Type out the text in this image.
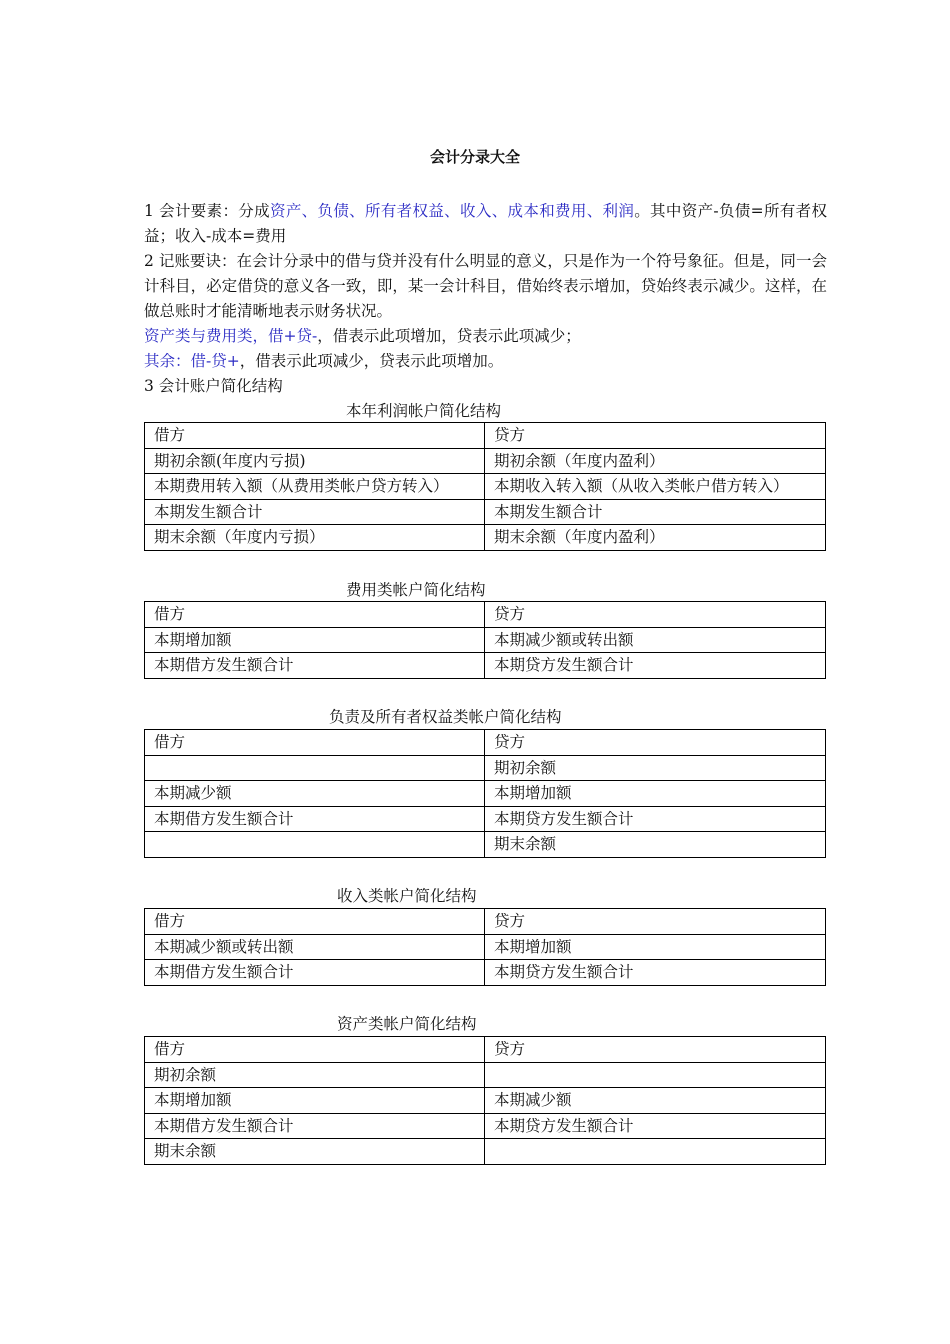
会计分录大全

1 会计要素：分成资产、负债、所有者权益、收入、成本和费用、利润。其中资产-负债=所有者权益；收入-成本=费用

2 记账要诀：在会计分录中的借与贷并没有什么明显的意义，只是作为一个符号象征。但是，同一会计科目，必定借贷的意义各一致，即，某一会计科目，借始终表示增加，贷始终表示减少。这样，在做总账时才能清晰地表示财务状况。

资产类与费用类，借+贷-，借表示此项增加，贷表示此项减少；

其余：借-贷+，借表示此项减少，贷表示此项增加。

3 会计账户简化结构

本年利润帐户简化结构
借方	贷方
期初余额(年度内亏损)	期初余额（年度内盈利）
本期费用转入额（从费用类帐户贷方转入）	本期收入转入额（从收入类帐户借方转入）
本期发生额合计	本期发生额合计
期末余额（年度内亏损）	期末余额（年度内盈利）
费用类帐户简化结构
借方	贷方
本期增加额	本期减少额或转出额
本期借方发生额合计	本期贷方发生额合计
负责及所有者权益类帐户简化结构
借方	贷方
	期初余额
本期减少额	本期增加额
本期借方发生额合计	本期贷方发生额合计
	期末余额
收入类帐户简化结构
借方	贷方
本期减少额或转出额	本期增加额
本期借方发生额合计	本期贷方发生额合计
资产类帐户简化结构
借方	贷方
期初余额	
本期增加额	本期减少额
本期借方发生额合计	本期贷方发生额合计
期末余额	
